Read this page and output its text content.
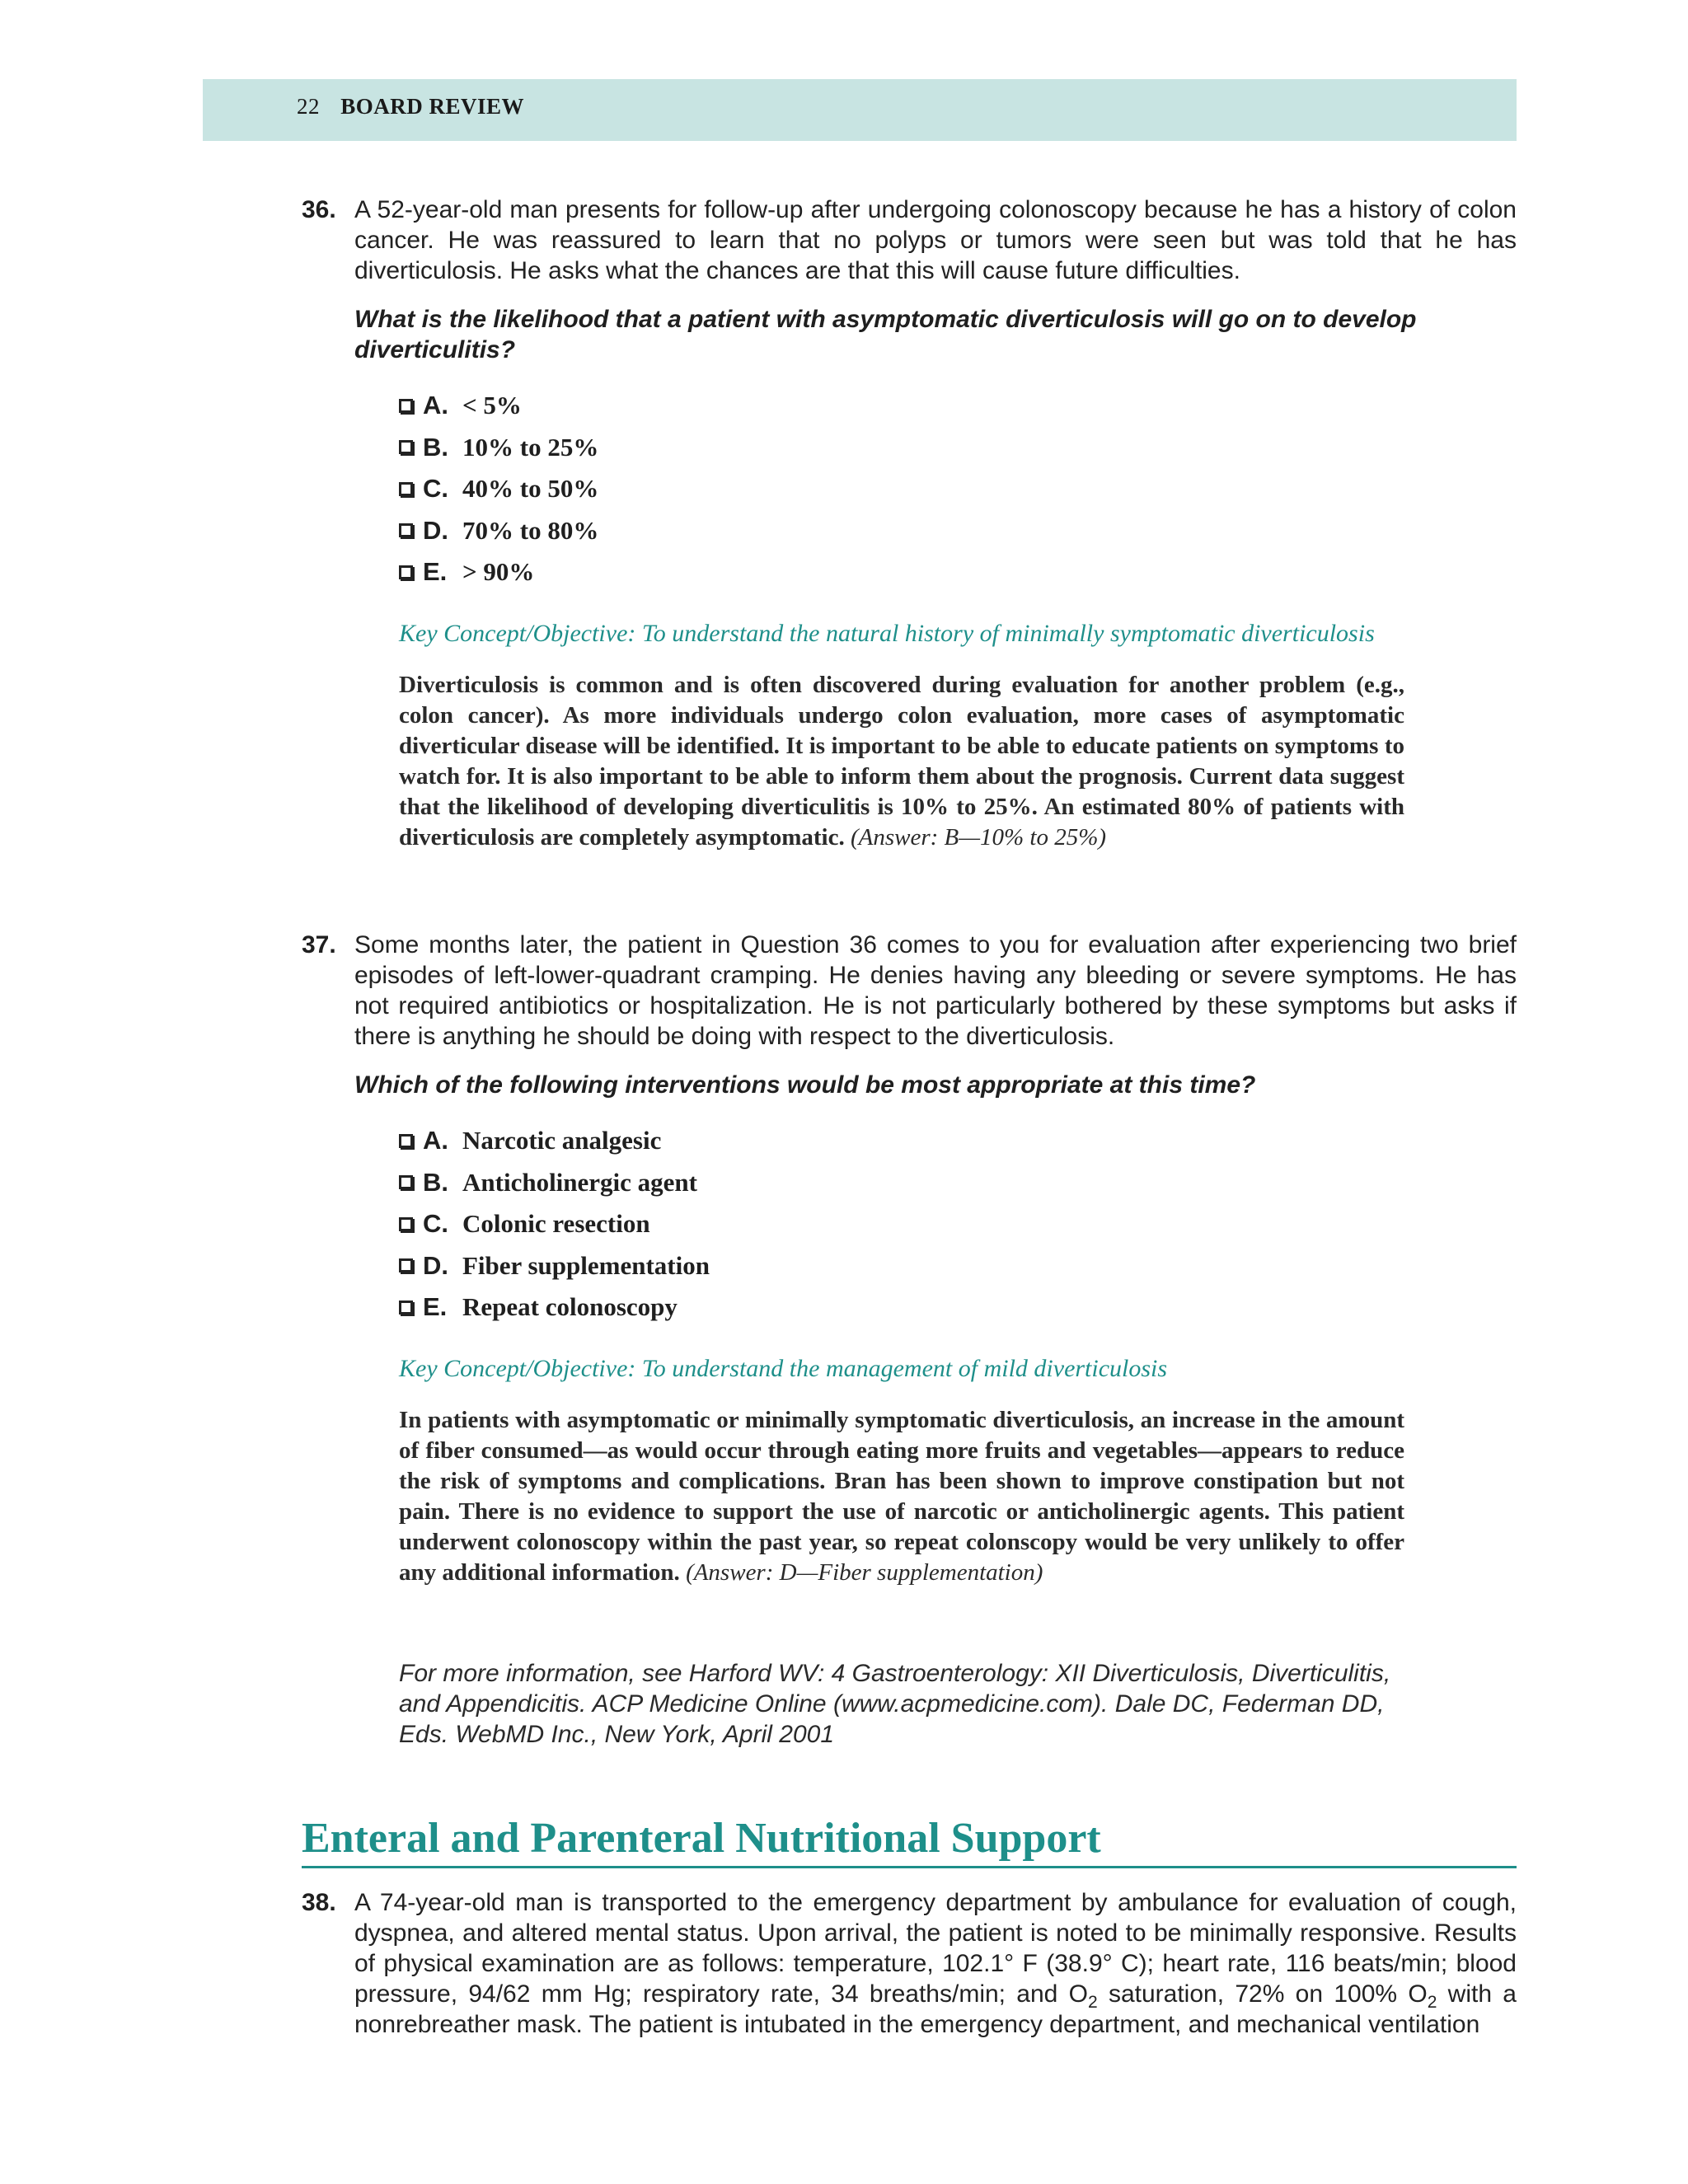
22 BOARD REVIEW
36. A 52-year-old man presents for follow-up after undergoing colonoscopy because he has a history of colon cancer. He was reassured to learn that no polyps or tumors were seen but was told that he has diverticulosis. He asks what the chances are that this will cause future difficulties.
What is the likelihood that a patient with asymptomatic diverticulosis will go on to develop diverticulitis?
A. < 5%
B. 10% to 25%
C. 40% to 50%
D. 70% to 80%
E. > 90%
Key Concept/Objective: To understand the natural history of minimally symptomatic diverticulosis
Diverticulosis is common and is often discovered during evaluation for another problem (e.g., colon cancer). As more individuals undergo colon evaluation, more cases of asymptomatic diverticular disease will be identified. It is important to be able to educate patients on symptoms to watch for. It is also important to be able to inform them about the prognosis. Current data suggest that the likelihood of developing diverticulitis is 10% to 25%. An estimated 80% of patients with diverticulosis are completely asymptomatic. (Answer: B—10% to 25%)
37. Some months later, the patient in Question 36 comes to you for evaluation after experiencing two brief episodes of left-lower-quadrant cramping. He denies having any bleeding or severe symptoms. He has not required antibiotics or hospitalization. He is not particularly bothered by these symptoms but asks if there is anything he should be doing with respect to the diverticulosis.
Which of the following interventions would be most appropriate at this time?
A. Narcotic analgesic
B. Anticholinergic agent
C. Colonic resection
D. Fiber supplementation
E. Repeat colonoscopy
Key Concept/Objective: To understand the management of mild diverticulosis
In patients with asymptomatic or minimally symptomatic diverticulosis, an increase in the amount of fiber consumed—as would occur through eating more fruits and vegetables—appears to reduce the risk of symptoms and complications. Bran has been shown to improve constipation but not pain. There is no evidence to support the use of narcotic or anticholinergic agents. This patient underwent colonoscopy within the past year, so repeat colonscopy would be very unlikely to offer any additional information. (Answer: D—Fiber supplementation)
For more information, see Harford WV: 4 Gastroenterology: XII Diverticulosis, Diverticulitis, and Appendicitis. ACP Medicine Online (www.acpmedicine.com). Dale DC, Federman DD, Eds. WebMD Inc., New York, April 2001
Enteral and Parenteral Nutritional Support
38. A 74-year-old man is transported to the emergency department by ambulance for evaluation of cough, dyspnea, and altered mental status. Upon arrival, the patient is noted to be minimally responsive. Results of physical examination are as follows: temperature, 102.1° F (38.9° C); heart rate, 116 beats/min; blood pressure, 94/62 mm Hg; respiratory rate, 34 breaths/min; and $O_2$ saturation, 72% on 100% $O_2$ with a nonrebreather mask. The patient is intubated in the emergency department, and mechanical ventilation
